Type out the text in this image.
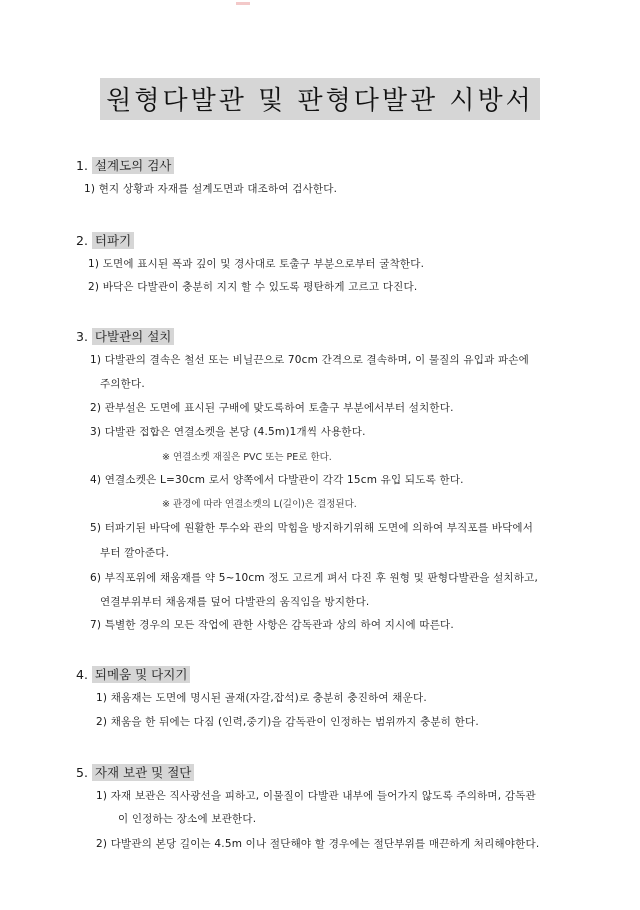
원형다발관 및 판형다발관 시방서
1. 설계도의 검사
1) 현지 상황과 자재를 설계도면과 대조하여 검사한다.
2. 터파기
1) 도면에 표시된 폭과 깊이 및 경사대로 토출구 부분으로부터 굴착한다.
2) 바닥은 다발관이 충분히 지지 할 수 있도록 평탄하게 고르고 다진다.
3. 다발관의 설치
1) 다발관의 결속은 철선 또는 비닐끈으로 70cm 간격으로 결속하며, 이 물질의 유입과 파손에
주의한다.
2) 관부설은 도면에 표시된 구배에 맞도록하여 토출구 부분에서부터 설치한다.
3) 다발관 접합은 연결소켓을 본당 (4.5m)1개씩 사용한다.
※ 연결소켓 재질은 PVC 또는 PE로 한다.
4) 연결소켓은 L=30cm 로서 양쪽에서 다발관이 각각 15cm 유입 되도록 한다.
※ 관경에 따라 연결소켓의 L(길이)은 결정된다.
5) 터파기된 바닥에 원활한 투수와 관의 막힘을 방지하기위해 도면에 의하여 부직포를 바닥에서
부터 깔아준다.
6) 부직포위에 채움재를 약 5~10cm 정도 고르게 펴서 다진 후 원형 및 판형다발관을 설치하고,
연결부위부터 채움재를 덮어 다발관의 움직임을 방지한다.
7) 특별한 경우의 모든 작업에 관한 사항은 감독관과 상의 하여 지시에 따른다.
4. 되메움 및 다지기
1) 채움재는 도면에 명시된 골재(자갈,잡석)로 충분히 충진하여 채운다.
2) 채움을 한 뒤에는 다짐 (인력,중기)을 감독관이 인정하는 범위까지 충분히 한다.
5. 자재 보관 및 절단
1) 자재 보관은 직사광선을 피하고, 이물질이 다발관 내부에 들어가지 않도록 주의하며, 감독관
이 인정하는 장소에 보관한다.
2) 다발관의 본당 길이는 4.5m 이나 절단해야 할 경우에는 절단부위를 매끈하게 처리해야한다.
